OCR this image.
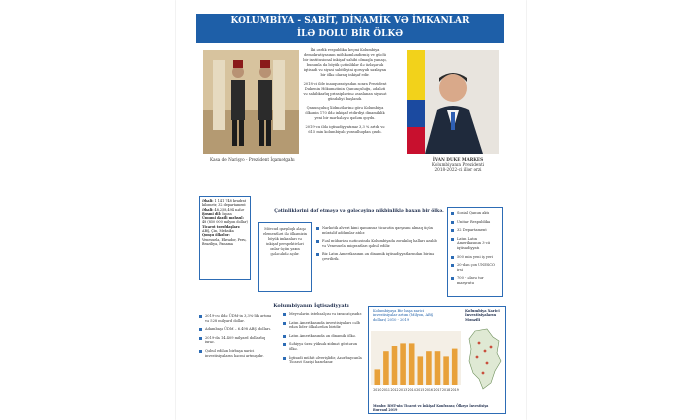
KOLUMBİYA - SABİT, DİNAMİK VƏ İMKANLAR
İLƏ DOLU BİR ÖLKƏ
Kasa de Narişyo - Prezident İqamətgahı

İki əsrlik respublika keçmi Kolumbiya demokratiyasının möhkəmləndirmiş ve güclü bir institusional inkişaf sahibi olmaqla yanaşı, bununla da böyük çətinliklər ilə üzləşərək iqtisadi və siyasi sabitliyini qoruyub saxlayan bir ölkə olaraq inkişaf edir.

2018-ci ilde inauqurasiyadan sonra Prezident Dukenin Hökumətinin Qanunçuluğu, ədaləti və sahibkarlıq prinsiplərinə əsaslanan siyasət gündəliyi başlandı.

Qanunçuluq Xidmətlərinə görə Kolumbiya ölkənin 170 ildə inkişaf etdirdiyi dinamiklik yeni bir mərhələyə qədəm qoydu.

2019-cu ildə iqtisadiyyatımız 3,3 % artdı və 615 min kolumbiyalı yoxsulluqdan çıxdı.

İVAN DUKE MARKES
Kolumbiyanın Prezidenti
2018-2022-ci illər ərzi
Əhali: 1 141 748 kvadrat kilometr, 32 departament
Əhali: 48,258,494 nəfər
Rəsmi dil: İspan
Ümumi daxili məhsul: 48 (850 000 milyon dollar)
Ticarət tərəfdaşları: ABŞ, Çin, Meksika
Qonşu ölkələr: Venesuela, Ekvador, Peru, Braziliya, Panama
Çətinliklərini dəf etməyə və gələcəyinə nikbinliklə baxan bir ölkə.
Mövcud qarşılıqlı əlaqə elementləri ilə ölkəmizin böyük imkanları və inkişaf perspektivləri onlar üçün yaxın gələcəkdə açılır.
Narkotik alveri kimi qanunsuz ticarətin qarşısını almaq üçün müxtəlif addımlar atılır.
Fəal mübarizə nəticəsində Kolumbiyada zorakılıq halları azalıb və Venesuela miqrantları qəbul edilir.
Biz Latın Amerikasının ən dinamik iqtisadiyyatlarından birinə çevrilirik.
Sosial Qanun aktı
Unitar Respublika
32 Departament
Latın Latın Amerikasının 3-cü iqtisadiyyatı
500 min yeni iş yeri
20-dən çox UNESCO irsi
700 - əlavə tur marşrutu
Kolumbiyanın İqtisadiyyatı
2019-cu ildə ÜDM-in 3,3%-lik artımı və 528 milyard dollar.
Adambaşı ÜDM – 6.498 ABŞ dolları.
2019-da 14.409 milyard dollarlıq ixrac.
Qəbul edilən birbaşa xarici investisiyaların həcmi artmışdır.
Meyvələrin istehsalçısı və ixracatçısıdır.
Latın Amerikasında investisiyaları cəlb edən lider ölkələrdən biridir.
Latın Amerikasında ən dinamik ölkə.
Səhiyyə üzrə yüksək xidmət göstərən ölkə.
İqtisadi mühit əlverişlidir, Azərbaycanla Ticarət Sazişi hazırlanır.
Kolumbiyaya Bir başa xarici investisiyalar artım (Milyon, ABŞ dolları) 2010 - 2019
2010 2011 2012 2013 2014 2015 2016 2017 2018 2019
Kolumbiya Xarici İnvestisiyaların Mənzili
Mənbə: BMT-nin Ticarət və İnkişaf Konfransı; Ölkəyə İnvestisiya Bureaul 2019
